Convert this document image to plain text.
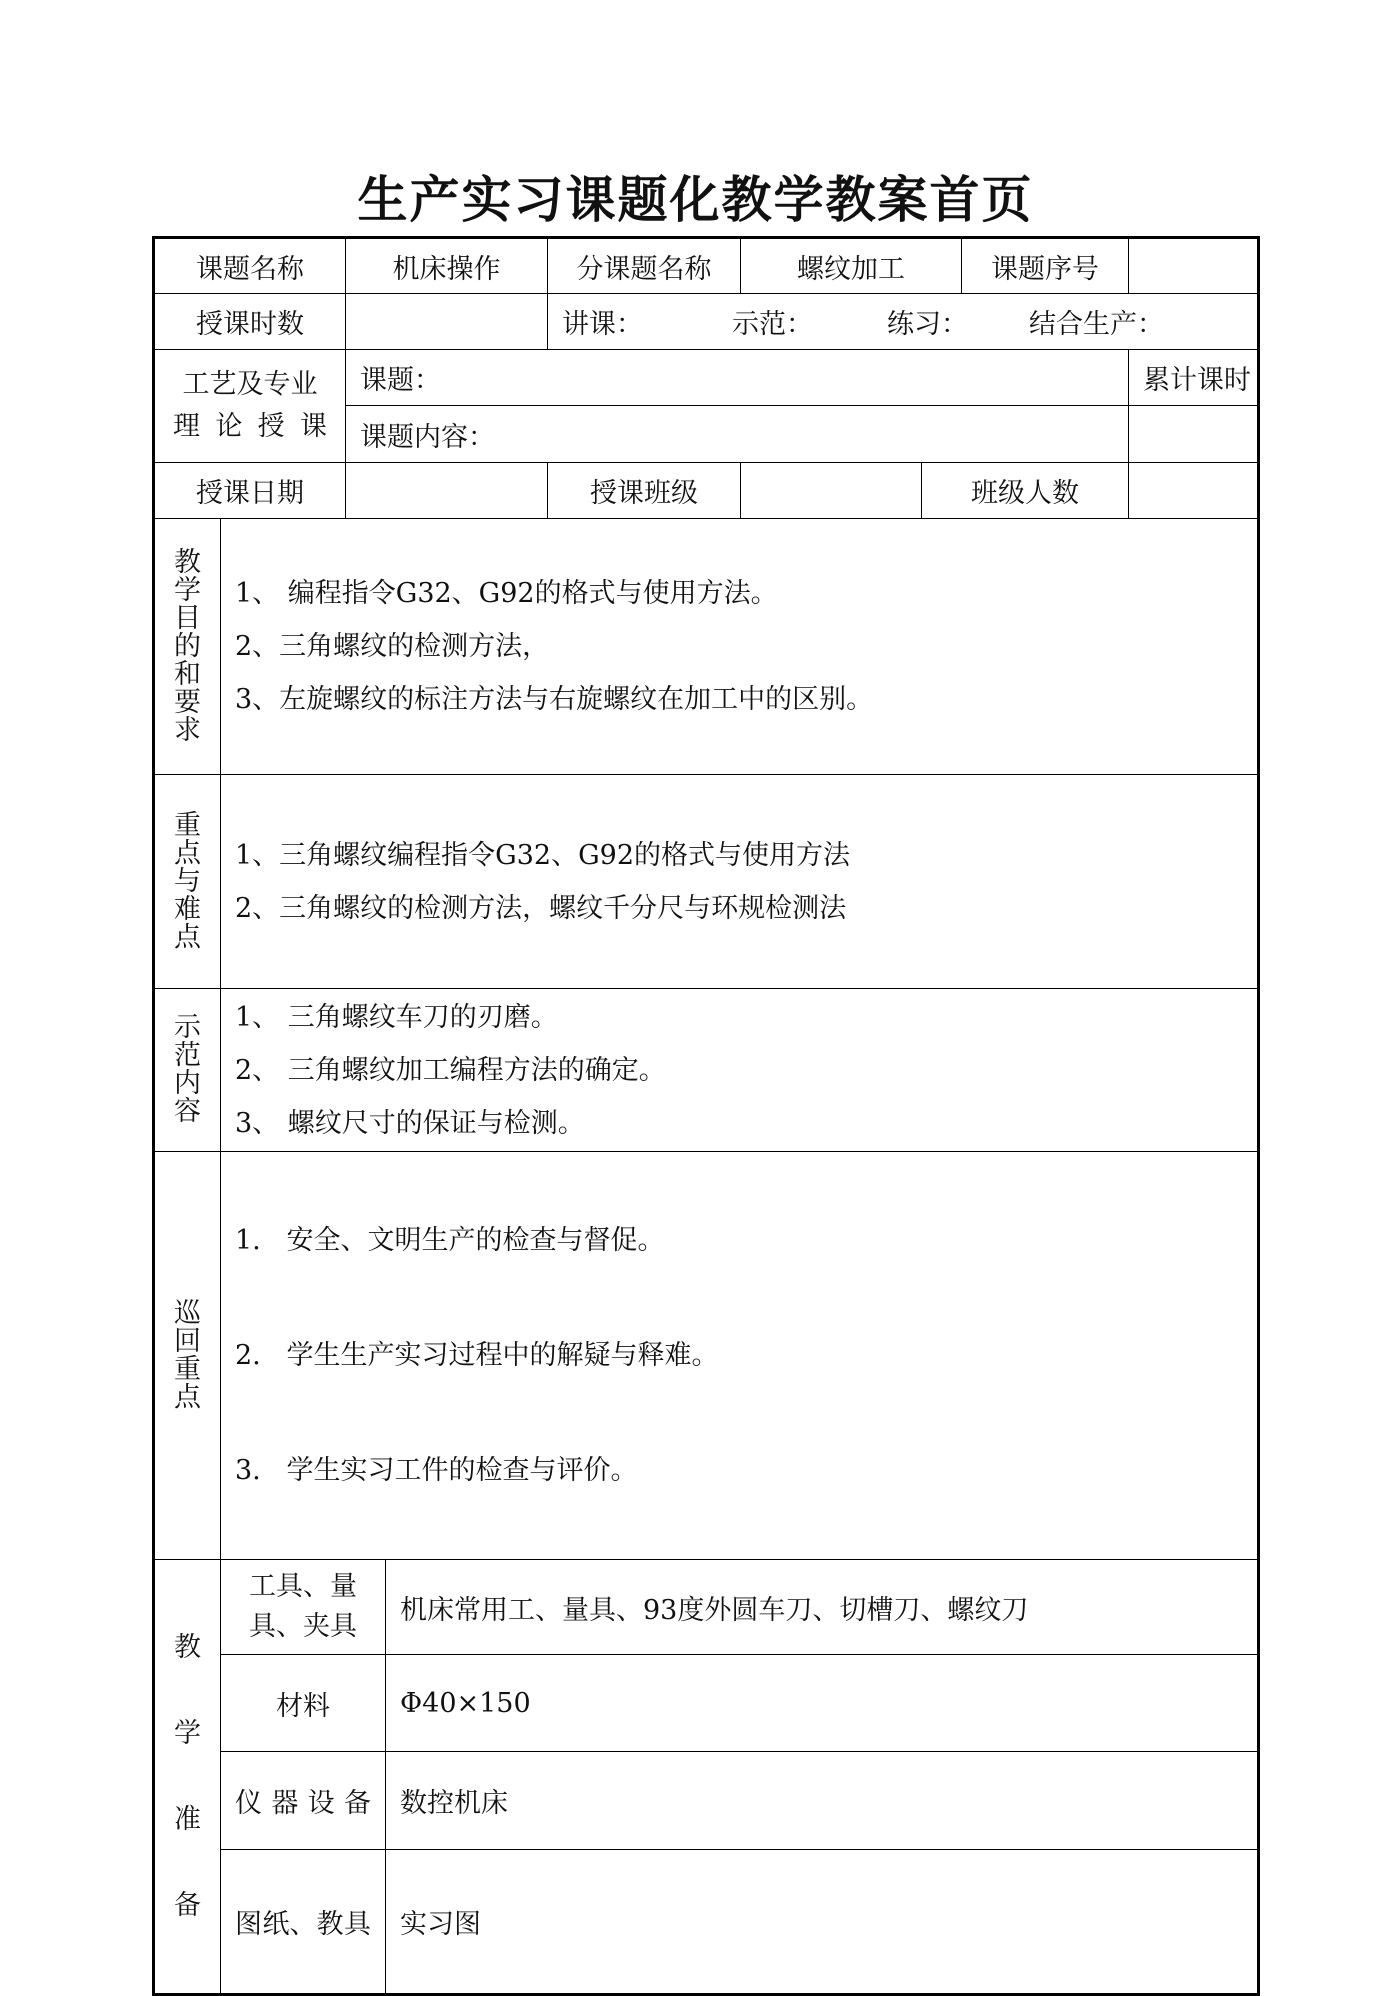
生产实习课题化教学教案首页
课题名称		机床操作		分课题名称	螺纹加工		课题序号	
授课时数				讲课： 示范： 练习： 结合生产：				

工艺及专业
理 论 授 课		课题：						累计课时
		课题内容：						
授课日期				授课班级		班级人数		

教学目的和要求	1、 编程指令G32、G92的格式与使用方法。
2、三角螺纹的检测方法，
3、左旋螺纹的标注方法与右旋螺纹在加工中的区别。							

重点与难点	1、三角螺纹编程指令G32、G92的格式与使用方法
2、三角螺纹的检测方法，螺纹千分尺与环规检测法							

示范内容	1、 三角螺纹车刀的刃磨。
2、 三角螺纹加工编程方法的确定。
3、 螺纹尺寸的保证与检测。							

巡回重点	1.   安全、文明生产的检查与督促。

2.   学生生产实习过程中的解疑与释难。

3.   学生实习工件的检查与评价。							

教
学
准
备	工具、量具、夹具		机床常用工、量具、93度外圆车刀、切槽刀、螺纹刀					
	材料		Φ40×150					

	仪 器 设 备		数控机床					

	图 纸、教 具		实习图					
